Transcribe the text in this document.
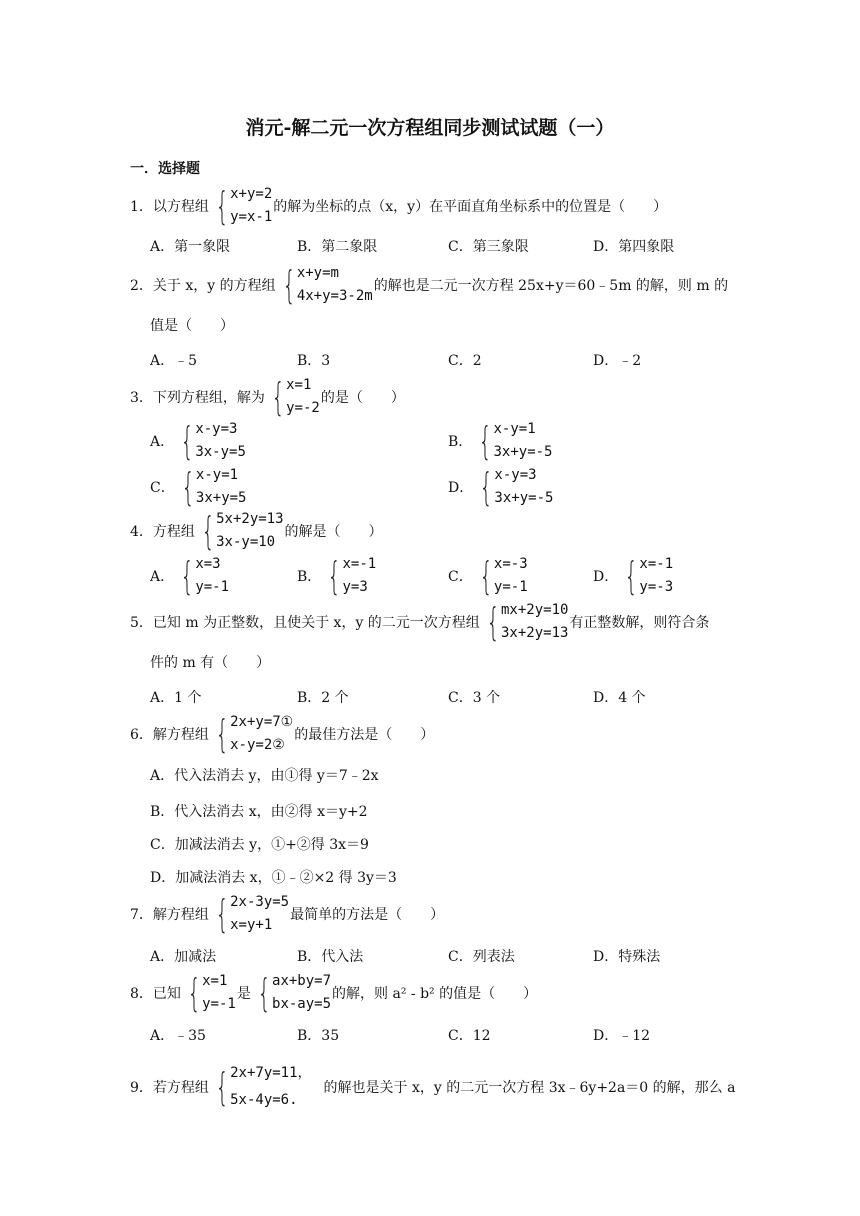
消元-解二元一次方程组同步测试试题（一）
一．选择题
1． 以方程组 { x+y=2
y=x-1
的解为坐标的点（x，y）在平面直角坐标系中的位置是（　　）
A．第一象限	B．第二象限	C．第三象限	D．第四象限
2． 关于 x，y 的方程组 { x+y=m
4x+y=3-2m
的解也是二元一次方程 25x+y＝60﹣5m 的解，则 m 的
值是（　　）
A．﹣5	B．3	C．2	D．﹣2
3． 下列方程组，解为 { x=1
y=-2
的是（　　）
A． { x-y=3
3x-y=5
B． { x-y=1
3x+y=-5
C． { x-y=1
3x+y=5
D． { x-y=3
3x+y=-5
4． 方程组 { 5x+2y=13
3x-y=10
的解是（　　）
A． { x=3
y=-1
B． { x=-1
y=3
C． { x=-3
y=-1
D． { x=-1
y=-3
5． 已知 m 为正整数，且使关于 x，y 的二元一次方程组 { mx+2y=10
3x+2y=13
有正整数解，则符合条
件的 m 有（　　）
A．1 个	B．2 个	C．3 个	D．4 个
6． 解方程组 { 2x+y=7①
x-y=2②
的最佳方法是（　　）
A．代入法消去 y，由①得 y＝7﹣2x
B．代入法消去 x，由②得 x＝y+2
C．加减法消去 y，①+②得 3x＝9
D．加减法消去 x，①﹣②×2 得 3y＝3
7． 解方程组 { 2x-3y=5
x=y+1
最简单的方法是（　　）
A．加减法	B．代入法	C．列表法	D．特殊法
8． 已知 { x=1
y=-1
是 { ax+by=7
bx-ay=5
的解，则 a² - b² 的值是（　　）
A．﹣35	B．35	C．12	D．﹣12
9． 若方程组 { 2x+7y=11，
5x-4y=6.
的解也是关于 x，y 的二元一次方程 3x﹣6y+2a＝0 的解，那么 a
